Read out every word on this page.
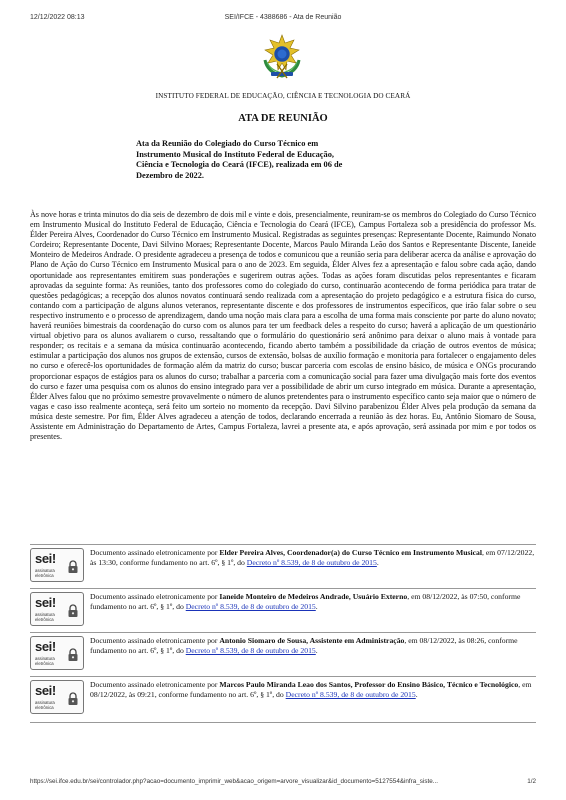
12/12/2022 08:13	SEI/IFCE - 4388686 - Ata de Reunião
INSTITUTO FEDERAL DE EDUCAÇÃO, CIÊNCIA E TECNOLOGIA DO CEARÁ
ATA DE REUNIÃO
Ata da Reunião do Colegiado do Curso Técnico em Instrumento Musical do Instituto Federal de Educação, Ciência e Tecnologia do Ceará (IFCE), realizada em 06 de Dezembro de 2022.
Às nove horas e trinta minutos do dia seis de dezembro de dois mil e vinte e dois, presencialmente, reuniram-se os membros do Colegiado do Curso Técnico em Instrumento Musical do Instituto Federal de Educação, Ciência e Tecnologia do Ceará (IFCE), Campus Fortaleza sob a presidência do professor Ms. Élder Pereira Alves, Coordenador do Curso Técnico em Instrumento Musical. Registradas as seguintes presenças: Representante Docente, Raimundo Nonato Cordeiro; Representante Docente, Davi Silvino Moraes; Representante Docente, Marcos Paulo Miranda Leão dos Santos e Representante Discente, Ianeide Monteiro de Medeiros Andrade. O presidente agradeceu a presença de todos e comunicou que a reunião seria para deliberar acerca da análise e aprovação do Plano de Ação do Curso Técnico em Instrumento Musical para o ano de 2023. Em seguida, Élder Alves fez a apresentação e falou sobre cada ação, dando oportunidade aos representantes emitirem suas ponderações e sugerirem outras ações. Todas as ações foram discutidas pelos representantes e ficaram aprovadas da seguinte forma: As reuniões, tanto dos professores como do colegiado do curso, continuarão acontecendo de forma periódica para tratar de questões pedagógicas; a recepção dos alunos novatos continuará sendo realizada com a apresentação do projeto pedagógico e a estrutura física do curso, contando com a participação de alguns alunos veteranos, representante discente e dos professores de instrumentos específicos, que irão falar sobre o seu respectivo instrumento e o processo de aprendizagem, dando uma noção mais clara para a escolha de uma forma mais consciente por parte do aluno novato; haverá reuniões bimestrais da coordenação do curso com os alunos para ter um feedback deles a respeito do curso; haverá a aplicação de um questionário virtual objetivo para os alunos avaliarem o curso, ressaltando que o formulário do questionário será anônimo para deixar o aluno mais à vontade para responder; os recitais e a semana da música continuarão acontecendo, ficando aberto também a possibilidade da criação de outros eventos de música; estimular a participação dos alunos nos grupos de extensão, cursos de extensão, bolsas de auxílio formação e monitoria para fortalecer o engajamento deles no curso e oferecê-los oportunidades de formação além da matriz do curso; buscar parceria com escolas de ensino básico, de música e ONGs procurando proporcionar espaços de estágios para os alunos do curso; trabalhar a parceria com a comunicação social para fazer uma divulgação mais forte dos eventos do curso e fazer uma pesquisa com os alunos do ensino integrado para ver a possibilidade de abrir um curso integrado em música. Durante a apresentação, Élder Alves falou que no próximo semestre provavelmente o número de alunos pretendentes para o instrumento específico canto seja maior que o número de vagas e caso isso realmente aconteça, será feito um sorteio no momento da recepção. Davi Silvino parabenizou Élder Alves pela produção da semana da música deste semestre. Por fim, Élder Alves agradeceu a atenção de todos, declarando encerrada a reunião às dez horas. Eu, Antônio Siomaro de Sousa, Assistente em Administração do Departamento de Artes, Campus Fortaleza, lavrei a presente ata, e após aprovação, será assinada por mim e por todos os presentes.
sei!
assinatura
eletrônica
Documento assinado eletronicamente por Elder Pereira Alves, Coordenador(a) do Curso Técnico em Instrumento Musical, em 07/12/2022, às 13:30, conforme fundamento no art. 6º, § 1º, do Decreto nº 8.539, de 8 de outubro de 2015.
sei!
assinatura
eletrônica
Documento assinado eletronicamente por Ianeide Monteiro de Medeiros Andrade, Usuário Externo, em 08/12/2022, às 07:50, conforme fundamento no art. 6º, § 1º, do Decreto nº 8.539, de 8 de outubro de 2015.
sei!
assinatura
eletrônica
Documento assinado eletronicamente por Antonio Siomaro de Sousa, Assistente em Administração, em 08/12/2022, às 08:26, conforme fundamento no art. 6º, § 1º, do Decreto nº 8.539, de 8 de outubro de 2015.
sei!
assinatura
eletrônica
Documento assinado eletronicamente por Marcos Paulo Miranda Leao dos Santos, Professor do Ensino Básico, Técnico e Tecnológico, em 08/12/2022, às 09:21, conforme fundamento no art. 6º, § 1º, do Decreto nº 8.539, de 8 de outubro de 2015.
https://sei.ifce.edu.br/sei/controlador.php?acao=documento_imprimir_web&acao_origem=arvore_visualizar&id_documento=5127554&infra_siste...	1/2
